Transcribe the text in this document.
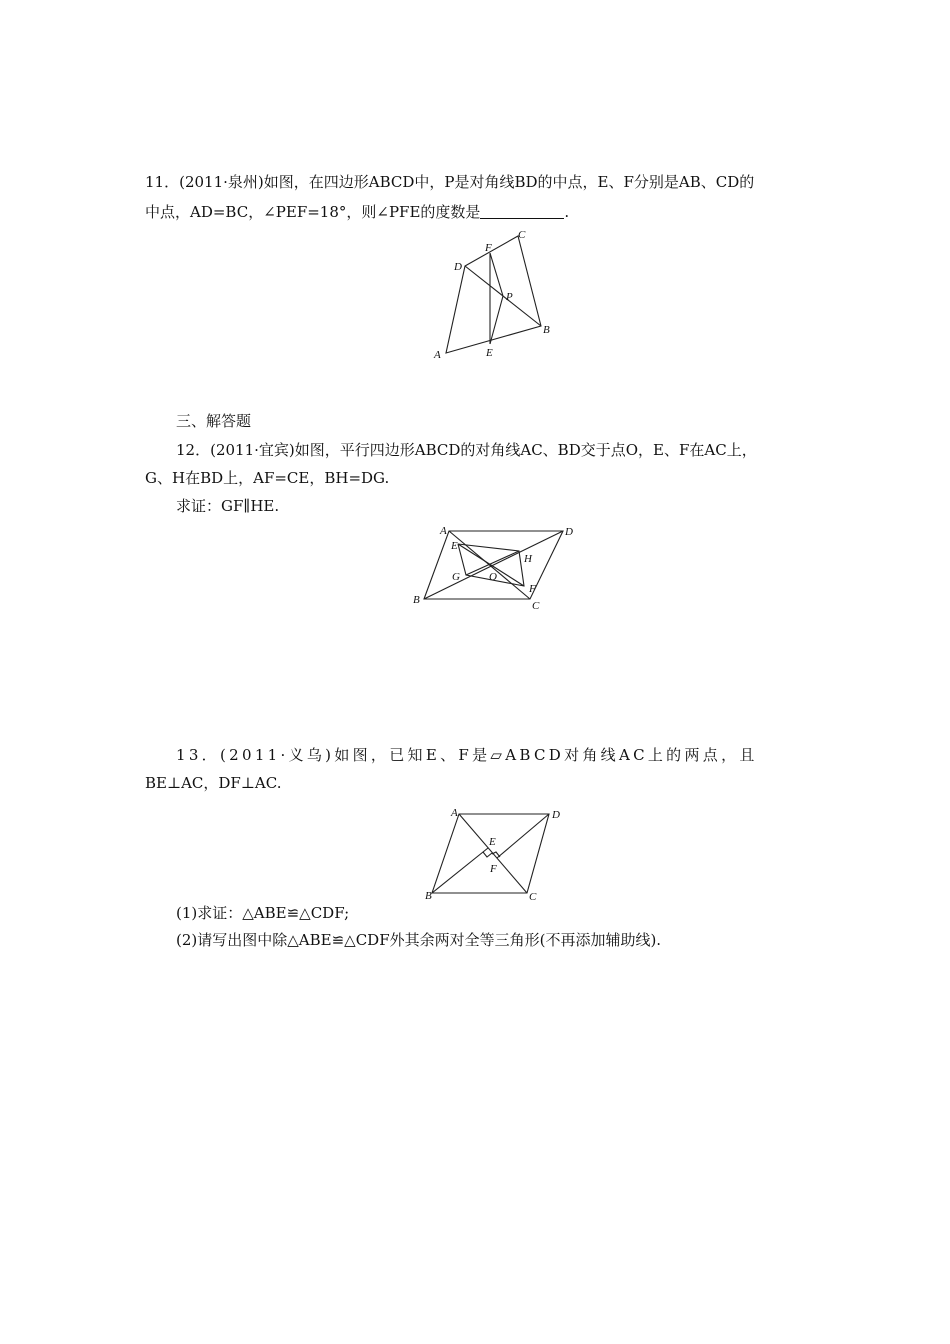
11．(2011·泉州)如图，在四边形ABCD中，P是对角线BD的中点，E、F分别是AB、CD的
中点，AD=BC，∠PEF=18°，则∠PFE的度数是	.
A
B
C
D
E
F
P
三、解答题
12．(2011·宜宾)如图，平行四边形ABCD的对角线AC、BD交于点O，E、F在AC上，
G、H在BD上，AF=CE，BH=DG.
求证：GF∥HE.
A
B	C
D
E
F
G
H
O
13．(2011·义乌)如图，已知E、F是▱ABCD对角线AC上的两点，且
BE⊥AC，DF⊥AC.
A
B	C
D
E
F
(1)求证：△ABE≌△CDF;
(2)请写出图中除△ABE≌△CDF外其余两对全等三角形(不再添加辅助线).
